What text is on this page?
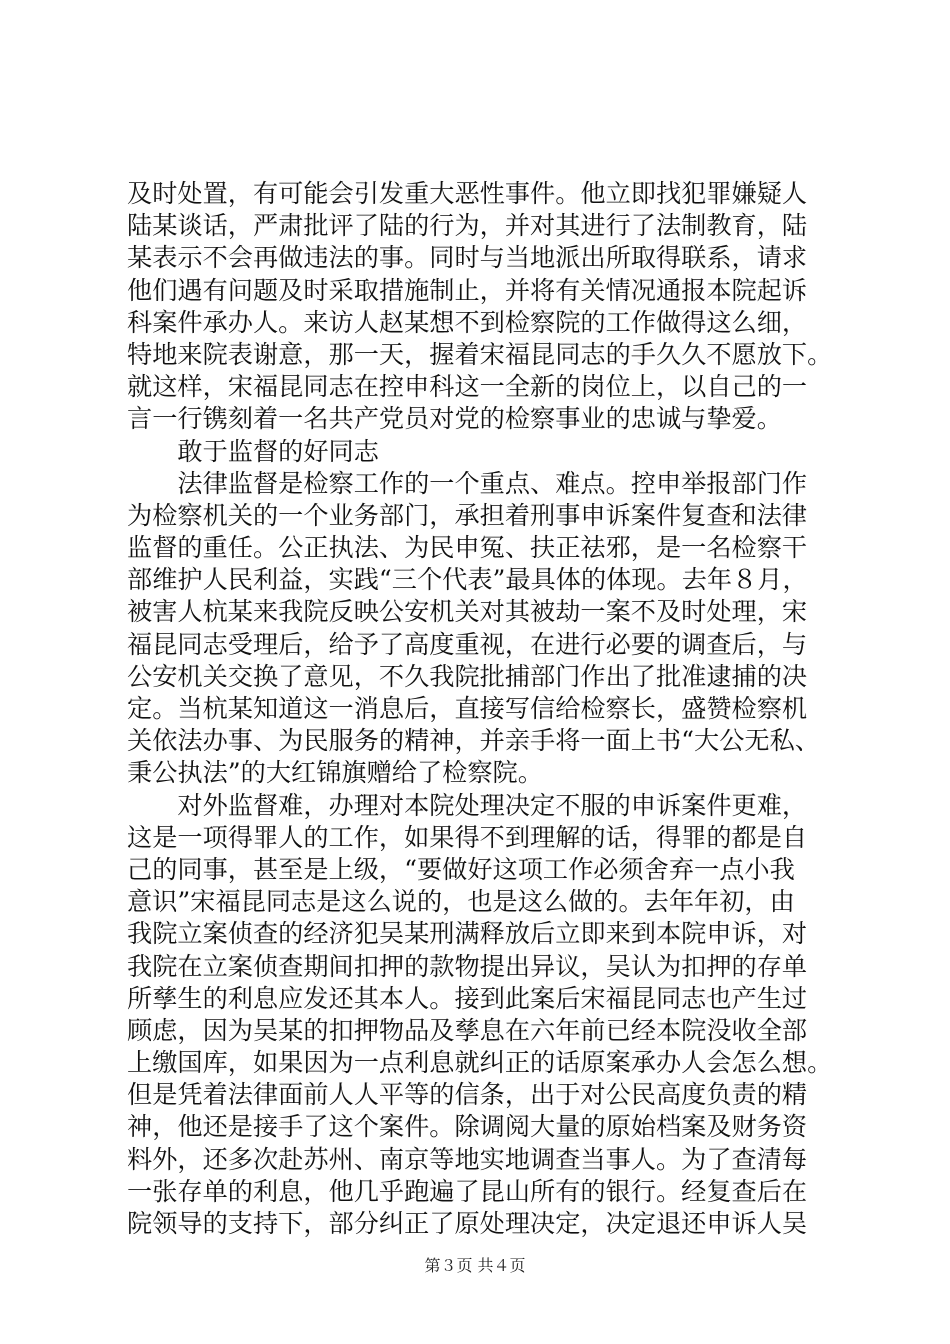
及时处置，有可能会引发重大恶性事件。他立即找犯罪嫌疑人
陆某谈话，严肃批评了陆的行为，并对其进行了法制教育，陆
某表示不会再做违法的事。同时与当地派出所取得联系，请求
他们遇有问题及时采取措施制止，并将有关情况通报本院起诉
科案件承办人。来访人赵某想不到检察院的工作做得这么细，
特地来院表谢意，那一天，握着宋福昆同志的手久久不愿放下。
就这样，宋福昆同志在控申科这一全新的岗位上，以自己的一
言一行镌刻着一名共产党员对党的检察事业的忠诚与挚爱。
　　敢于监督的好同志
　　法律监督是检察工作的一个重点、难点。控申举报部门作
为检察机关的一个业务部门，承担着刑事申诉案件复查和法律
监督的重任。公正执法、为民申冤、扶正祛邪，是一名检察干
部维护人民利益，实践“三个代表”最具体的体现。去年８月，
被害人杭某来我院反映公安机关对其被劫一案不及时处理，宋
福昆同志受理后，给予了高度重视，在进行必要的调查后，与
公安机关交换了意见，不久我院批捕部门作出了批准逮捕的决
定。当杭某知道这一消息后，直接写信给检察长，盛赞检察机
关依法办事、为民服务的精神，并亲手将一面上书“大公无私、
秉公执法”的大红锦旗赠给了检察院。
　　对外监督难，办理对本院处理决定不服的申诉案件更难，
这是一项得罪人的工作，如果得不到理解的话，得罪的都是自
己的同事，甚至是上级，“要做好这项工作必须舍弃一点小我
意识”宋福昆同志是这么说的，也是这么做的。去年年初，由
我院立案侦查的经济犯吴某刑满释放后立即来到本院申诉，对
我院在立案侦查期间扣押的款物提出异议，吴认为扣押的存单
所孳生的利息应发还其本人。接到此案后宋福昆同志也产生过
顾虑，因为吴某的扣押物品及孳息在六年前已经本院没收全部
上缴国库，如果因为一点利息就纠正的话原案承办人会怎么想。
但是凭着法律面前人人平等的信条，出于对公民高度负责的精
神，他还是接手了这个案件。除调阅大量的原始档案及财务资
料外，还多次赴苏州、南京等地实地调查当事人。为了查清每
一张存单的利息，他几乎跑遍了昆山所有的银行。经复查后在
院领导的支持下，部分纠正了原处理决定，决定退还申诉人吴
第３页 共４页
